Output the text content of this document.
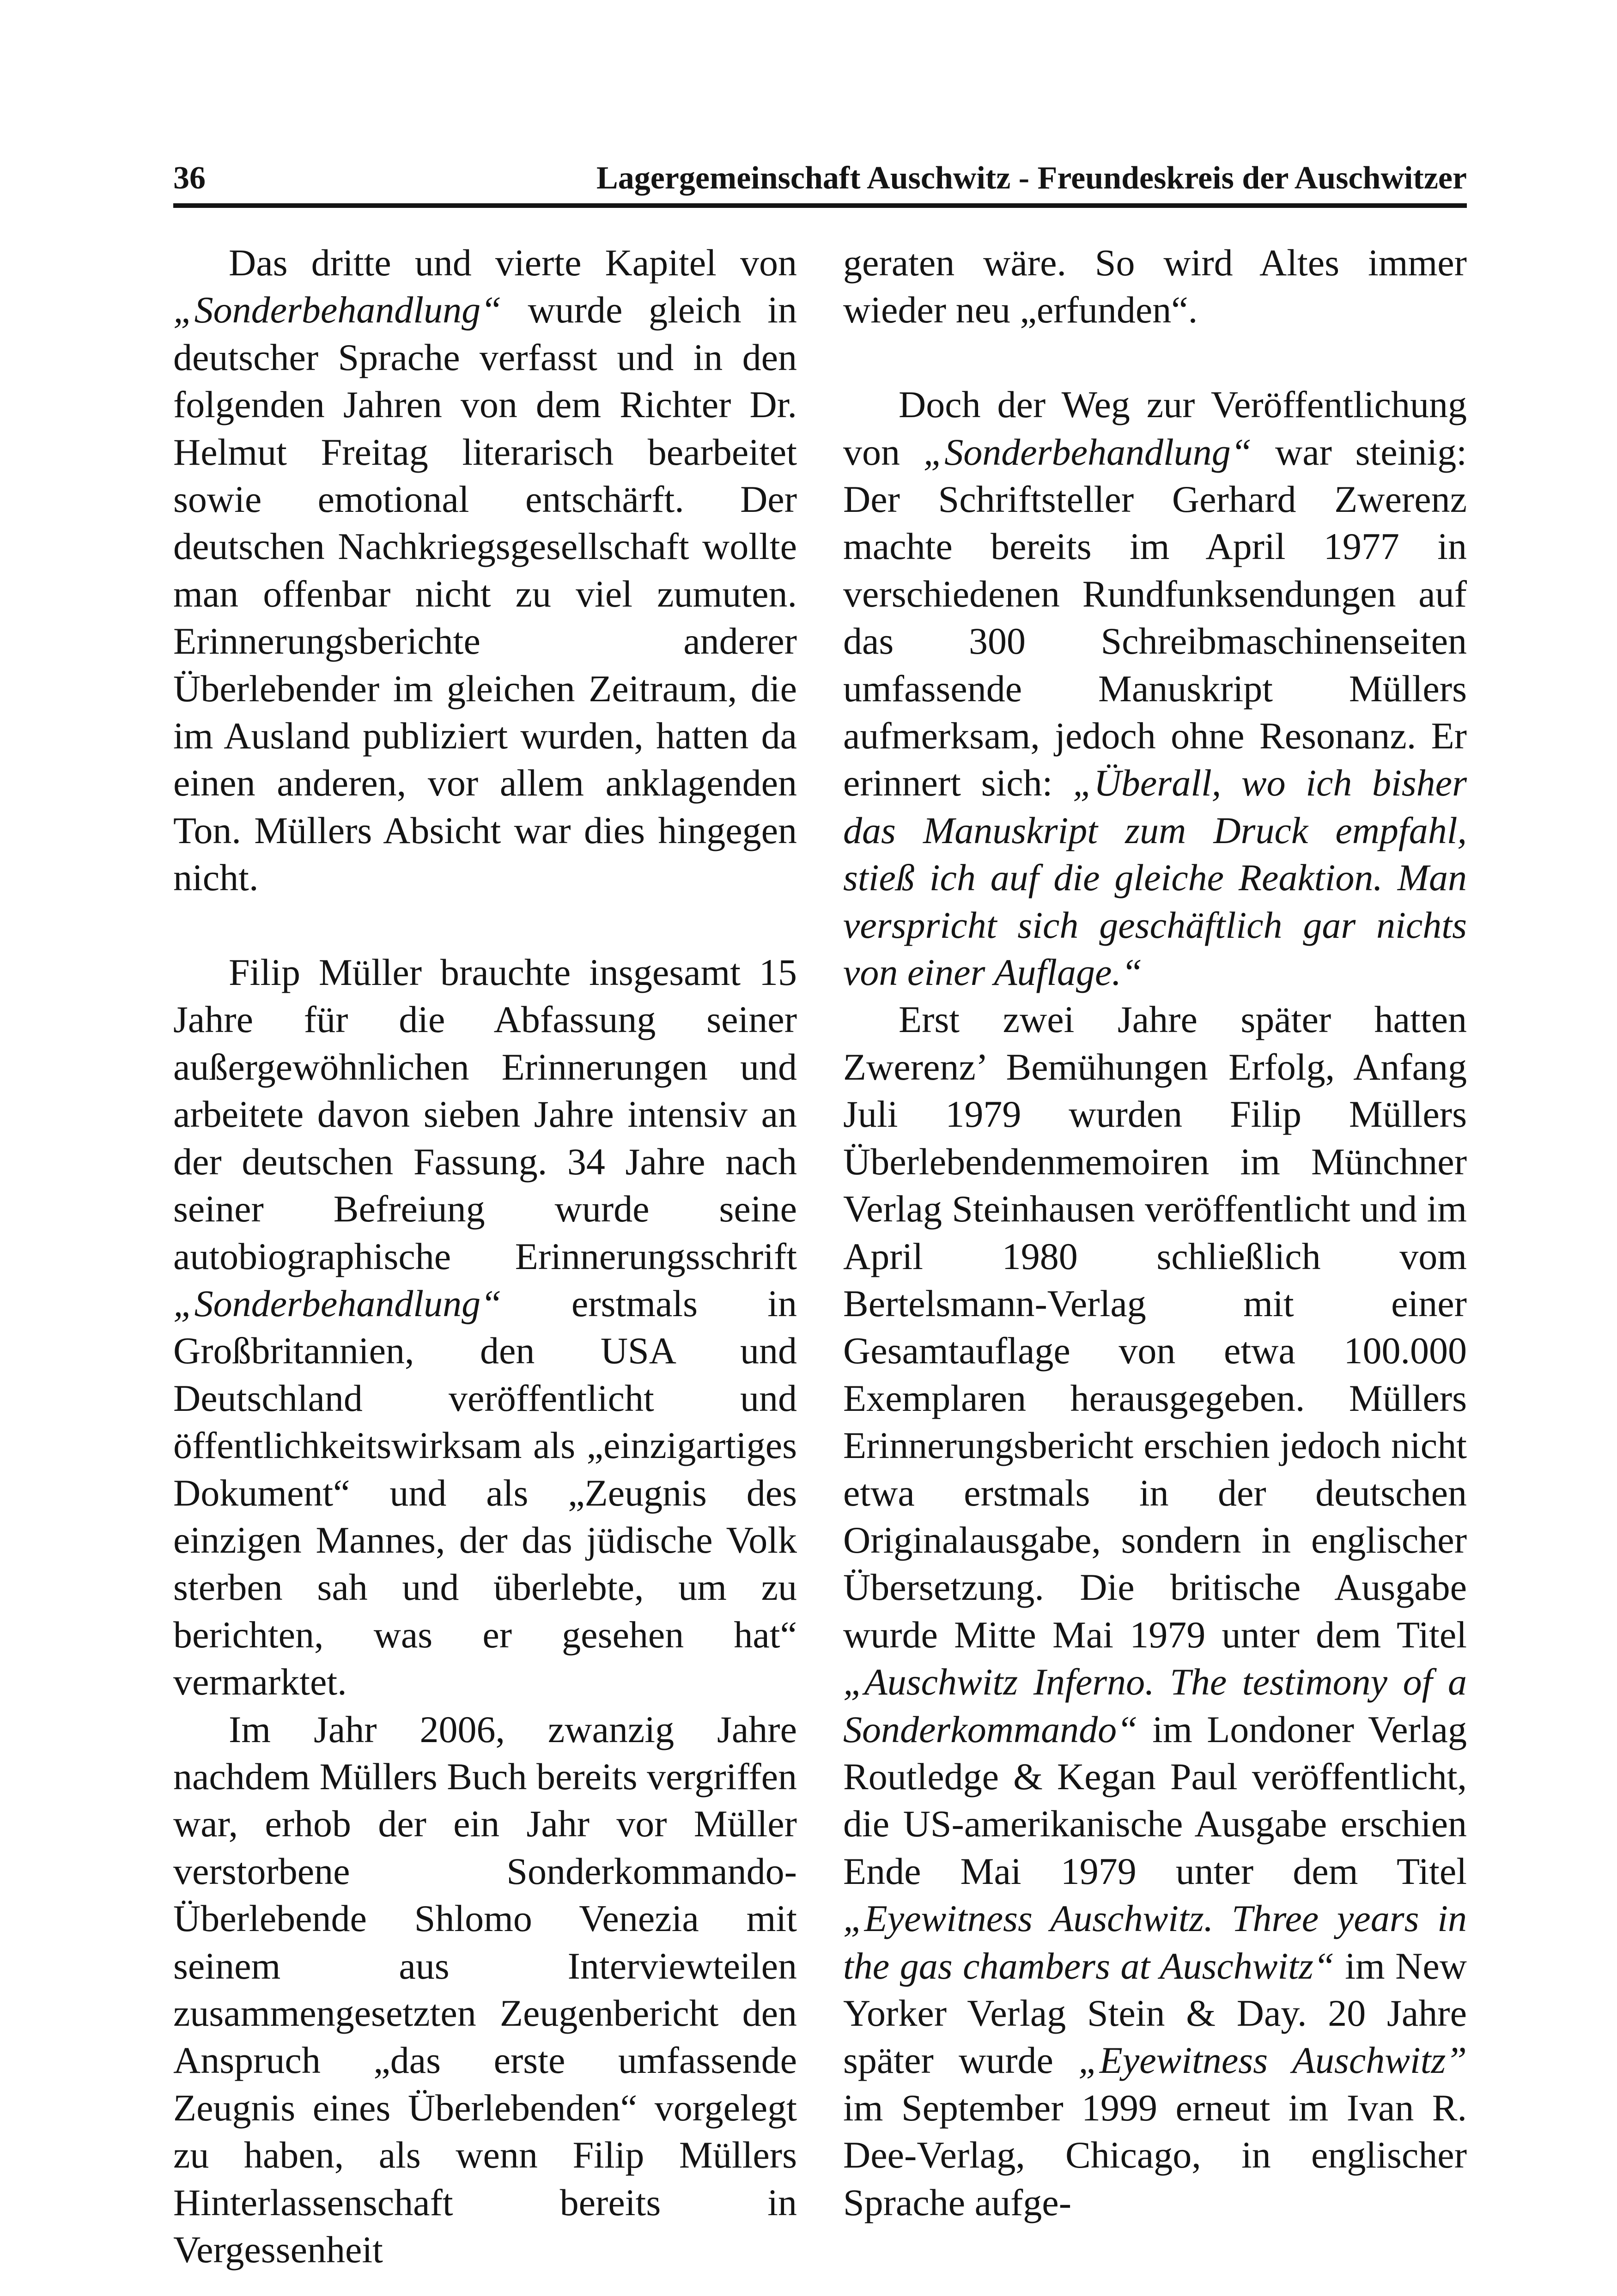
36	Lagergemeinschaft Auschwitz - Freundeskreis der Auschwitzer

Das dritte und vierte Kapitel von „Sonderbehandlung“ wurde gleich in deutscher Sprache verfasst und in den folgenden Jahren von dem Richter Dr. Helmut Freitag literarisch bearbeitet sowie emotional entschärft. Der deutschen Nachkriegsgesellschaft wollte man offenbar nicht zu viel zumuten. Erinnerungsberichte anderer Überlebender im gleichen Zeitraum, die im Ausland publiziert wurden, hatten da einen anderen, vor allem anklagenden Ton. Müllers Absicht war dies hingegen nicht.

Filip Müller brauchte insgesamt 15 Jahre für die Abfassung seiner außergewöhnlichen Erinnerungen und arbeitete davon sieben Jahre intensiv an der deutschen Fassung. 34 Jahre nach seiner Befreiung wurde seine autobiographische Erinnerungsschrift „Sonderbehandlung“ erstmals in Großbritannien, den USA und Deutschland veröffentlicht und öffentlichkeitswirksam als „einzigartiges Dokument“ und als „Zeugnis des einzigen Mannes, der das jüdische Volk sterben sah und überlebte, um zu berichten, was er gesehen hat“ vermarktet.

Im Jahr 2006, zwanzig Jahre nachdem Müllers Buch bereits vergriffen war, erhob der ein Jahr vor Müller verstorbene Sonderkommando-Überlebende Shlomo Venezia mit seinem aus Interviewteilen zusammengesetzten Zeugenbericht den Anspruch „das erste umfassende Zeugnis eines Überlebenden“ vorgelegt zu haben, als wenn Filip Müllers Hinterlassenschaft bereits in Vergessenheit

geraten wäre. So wird Altes immer wieder neu „erfunden“.

Doch der Weg zur Veröffentlichung von „Sonderbehandlung“ war steinig: Der Schriftsteller Gerhard Zwerenz machte bereits im April 1977 in verschiedenen Rundfunksendungen auf das 300 Schreibmaschinenseiten umfassende Manuskript Müllers aufmerksam, jedoch ohne Resonanz. Er erinnert sich: „Überall, wo ich bisher das Manuskript zum Druck empfahl, stieß ich auf die gleiche Reaktion. Man verspricht sich geschäftlich gar nichts von einer Auflage.“

Erst zwei Jahre später hatten Zwerenz’ Bemühungen Erfolg, Anfang Juli 1979 wurden Filip Müllers Überlebendenmemoiren im Münchner Verlag Steinhausen veröffentlicht und im April 1980 schließlich vom Bertelsmann-Verlag mit einer Gesamtauflage von etwa 100.000 Exemplaren herausgegeben. Müllers Erinnerungsbericht erschien jedoch nicht etwa erstmals in der deutschen Originalausgabe, sondern in englischer Übersetzung. Die britische Ausgabe wurde Mitte Mai 1979 unter dem Titel „Auschwitz Inferno. The testimony of a Sonderkommando“ im Londoner Verlag Routledge & Kegan Paul veröffentlicht, die US-amerikanische Ausgabe erschien Ende Mai 1979 unter dem Titel „Eyewitness Auschwitz. Three years in the gas chambers at Auschwitz“ im New Yorker Verlag Stein & Day. 20 Jahre später wurde „Eyewitness Auschwitz” im September 1999 erneut im Ivan R. Dee-Verlag, Chicago, in englischer Sprache aufge-
